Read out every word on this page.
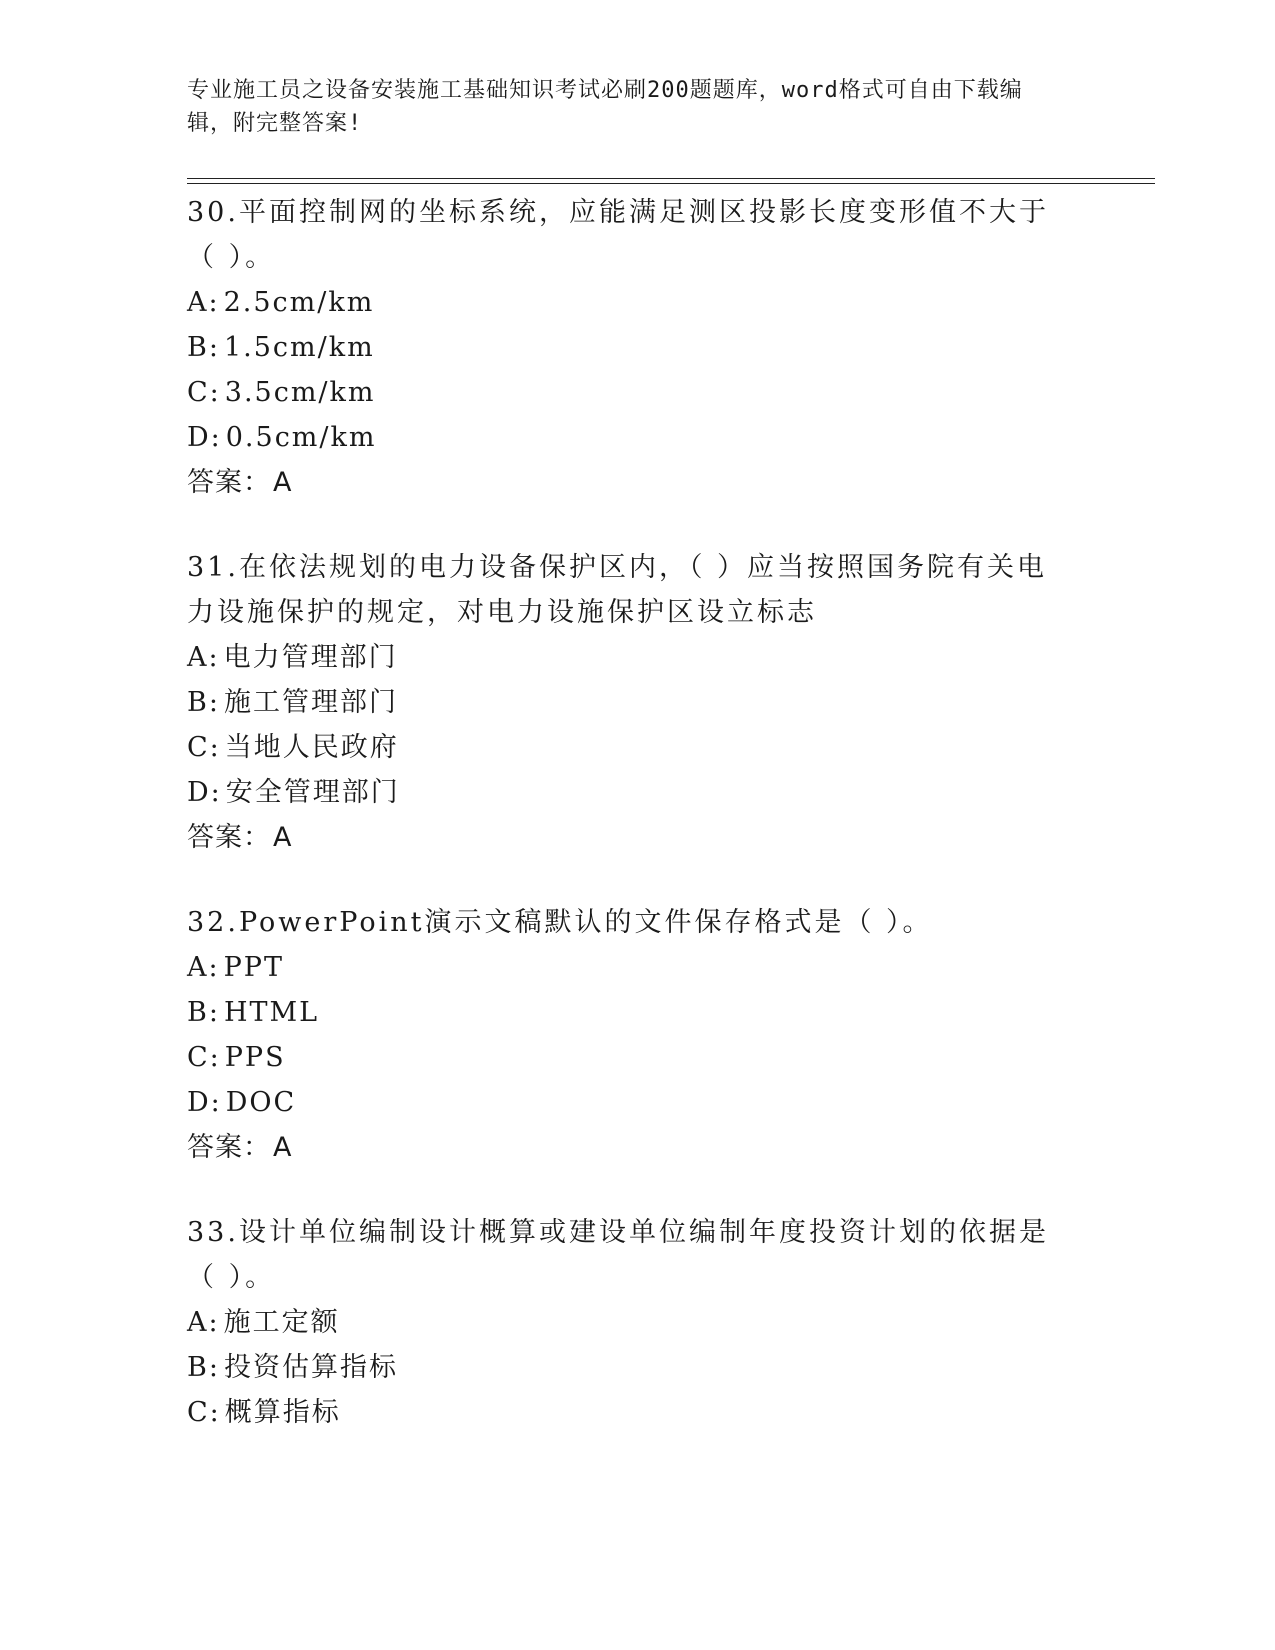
专业施工员之设备安装施工基础知识考试必刷200题题库，word格式可自由下载编辑，附完整答案!
30.平面控制网的坐标系统，应能满足测区投影长度变形值不大于（ ）。
A: 2.5cm/km
B: 1.5cm/km
C: 3.5cm/km
D: 0.5cm/km
答案：A
31.在依法规划的电力设备保护区内，（ ）应当按照国务院有关电力设施保护的规定，对电力设施保护区设立标志
A: 电力管理部门
B: 施工管理部门
C: 当地人民政府
D: 安全管理部门
答案：A
32.PowerPoint演示文稿默认的文件保存格式是（ ）。
A: PPT
B: HTML
C: PPS
D: DOC
答案：A
33.设计单位编制设计概算或建设单位编制年度投资计划的依据是（ ）。
A: 施工定额
B: 投资估算指标
C: 概算指标
